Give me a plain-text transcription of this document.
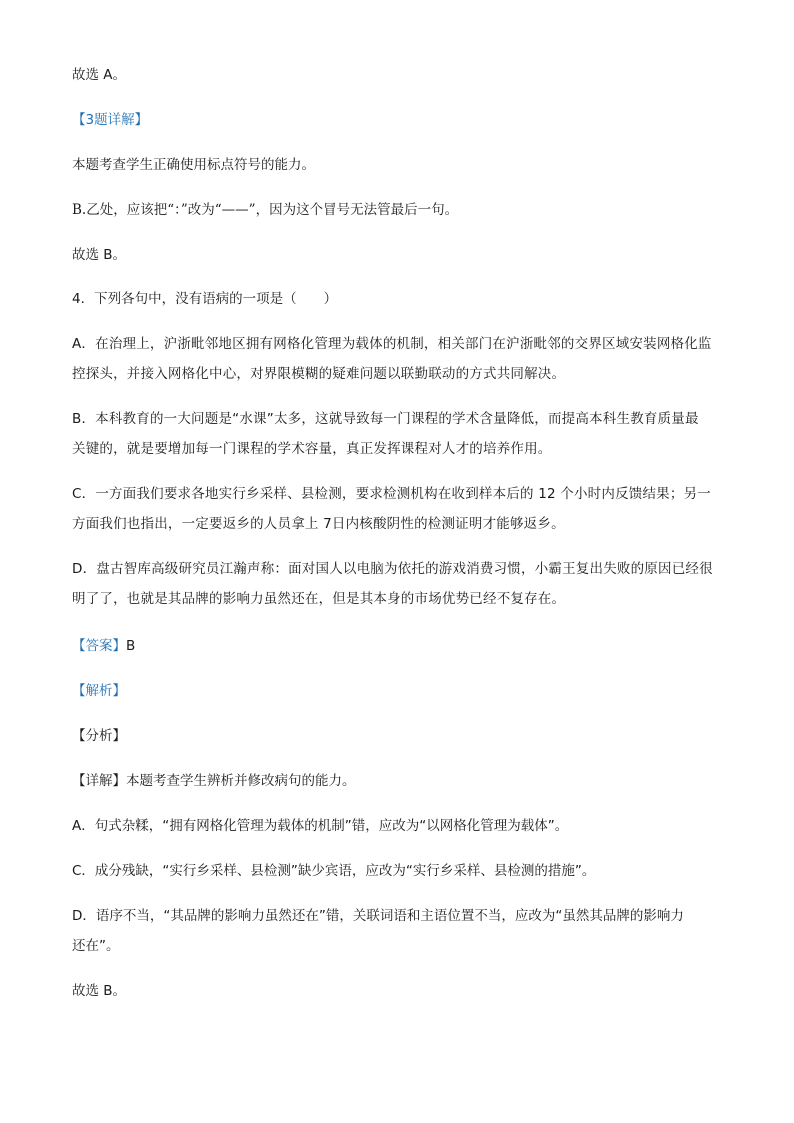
故选 A。
【3题详解】
本题考查学生正确使用标点符号的能力。
B.乙处，应该把“：”改为“——”，因为这个冒号无法管最后一句。
故选 B。
4．下列各句中，没有语病的一项是（　　）
A．在治理上，沪浙毗邻地区拥有网格化管理为载体的机制，相关部门在沪浙毗邻的交界区域安装网格化监
控探头，并接入网格化中心，对界限模糊的疑难问题以联勤联动的方式共同解决。
B．本科教育的一大问题是“水课”太多，这就导致每一门课程的学术含量降低，而提高本科生教育质量最
关键的，就是要增加每一门课程的学术容量，真正发挥课程对人才的培养作用。
C．一方面我们要求各地实行乡采样、县检测，要求检测机构在收到样本后的 12 个小时内反馈结果；另一
方面我们也指出，一定要返乡的人员拿上 7日内核酸阴性的检测证明才能够返乡。
D．盘古智库高级研究员江瀚声称：面对国人以电脑为依托的游戏消费习惯，小霸王复出失败的原因已经很
明了了，也就是其品牌的影响力虽然还在，但是其本身的市场优势已经不复存在。
【答案】B
【解析】
【分析】
【详解】本题考查学生辨析并修改病句的能力。
A．句式杂糅，“拥有网格化管理为载体的机制”错，应改为“以网格化管理为载体”。
C．成分残缺，“实行乡采样、县检测”缺少宾语，应改为“实行乡采样、县检测的措施”。
D．语序不当，“其品牌的影响力虽然还在”错，关联词语和主语位置不当，应改为“虽然其品牌的影响力
还在”。
故选 B。
